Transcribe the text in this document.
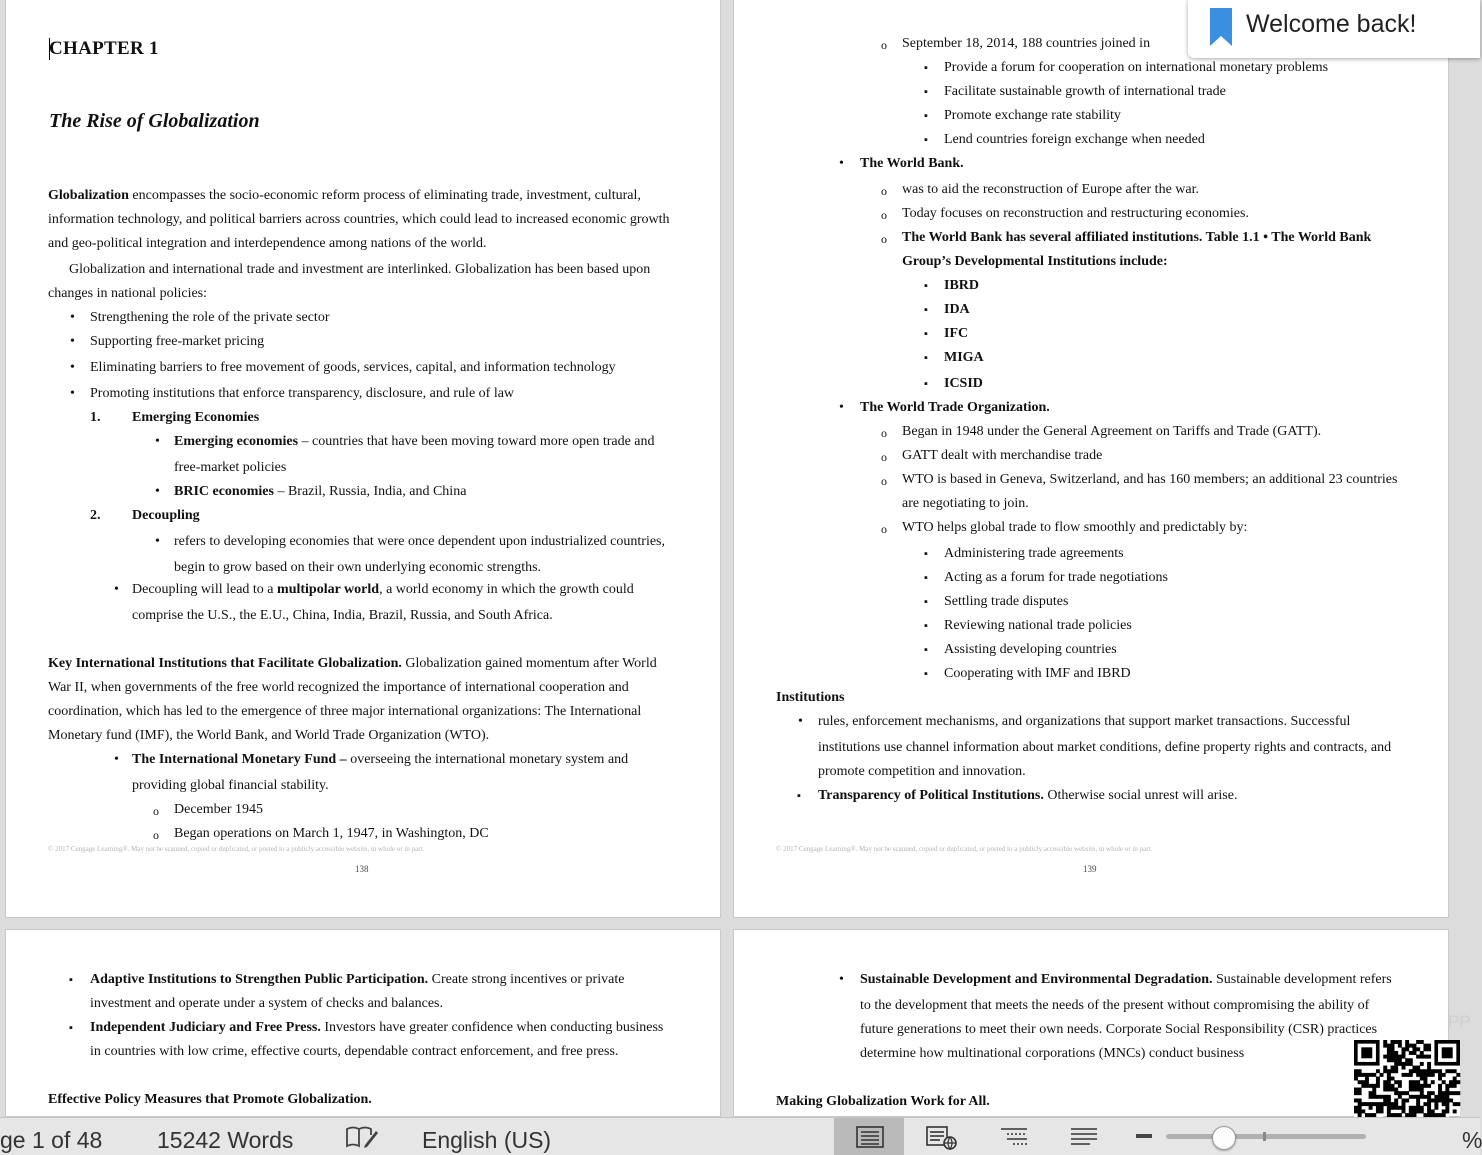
CHAPTER 1
The Rise of Globalization
Globalization encompasses the socio-economic reform process of eliminating trade, investment, cultural,
information technology, and political barriers across countries, which could lead to increased economic growth
and geo-political integration and interdependence among nations of the world.
Globalization and international trade and investment are interlinked. Globalization has been based upon
changes in national policies:
• Strengthening the role of the private sector
• Supporting free-market pricing
• Eliminating barriers to free movement of goods, services, capital, and information technology
• Promoting institutions that enforce transparency, disclosure, and rule of law
1. Emerging Economies
• Emerging economies – countries that have been moving toward more open trade and
free-market policies
• BRIC economies – Brazil, Russia, India, and China
2. Decoupling
• refers to developing economies that were once dependent upon industrialized countries,
begin to grow based on their own underlying economic strengths.
• Decoupling will lead to a multipolar world, a world economy in which the growth could
comprise the U.S., the E.U., China, India, Brazil, Russia, and South Africa.
Key International Institutions that Facilitate Globalization. Globalization gained momentum after World
War II, when governments of the free world recognized the importance of international cooperation and
coordination, which has led to the emergence of three major international organizations: The International
Monetary fund (IMF), the World Bank, and World Trade Organization (WTO).
• The International Monetary Fund – overseeing the international monetary system and
providing global financial stability.
o December 1945
o Began operations on March 1, 1947, in Washington, DC
© 2017 Cengage Learning®. May not be scanned, copied or duplicated, or posted to a publicly accessible website, in whole or in part.
138
o September 18, 2014, 188 countries joined in
▪ Provide a forum for cooperation on international monetary problems
▪ Facilitate sustainable growth of international trade
▪ Promote exchange rate stability
▪ Lend countries foreign exchange when needed
• The World Bank.
o was to aid the reconstruction of Europe after the war.
o Today focuses on reconstruction and restructuring economies.
o The World Bank has several affiliated institutions. Table 1.1 • The World Bank
Group’s Developmental Institutions include:
▪ IBRD
▪ IDA
▪ IFC
▪ MIGA
▪ ICSID
• The World Trade Organization.
o Began in 1948 under the General Agreement on Tariffs and Trade (GATT).
o GATT dealt with merchandise trade
o WTO is based in Geneva, Switzerland, and has 160 members; an additional 23 countries
are negotiating to join.
o WTO helps global trade to flow smoothly and predictably by:
▪ Administering trade agreements
▪ Acting as a forum for trade negotiations
▪ Settling trade disputes
▪ Reviewing national trade policies
▪ Assisting developing countries
▪ Cooperating with IMF and IBRD
Institutions
• rules, enforcement mechanisms, and organizations that support market transactions. Successful
institutions use channel information about market conditions, define property rights and contracts, and
promote competition and innovation.
▪ Transparency of Political Institutions. Otherwise social unrest will arise.
© 2017 Cengage Learning®. May not be scanned, copied or duplicated, or posted to a publicly accessible website, in whole or in part.
139
▪ Adaptive Institutions to Strengthen Public Participation. Create strong incentives or private
investment and operate under a system of checks and balances.
▪ Independent Judiciary and Free Press. Investors have greater confidence when conducting business
in countries with low crime, effective courts, dependable contract enforcement, and free press.
Effective Policy Measures that Promote Globalization.
• Sustainable Development and Environmental Degradation. Sustainable development refers
to the development that meets the needs of the present without compromising the ability of
future generations to meet their own needs. Corporate Social Responsibility (CSR) practices
determine how multinational corporations (MNCs) conduct business
Making Globalization Work for All.
PP
Welcome back!
ge 1 of 48 15242 Words	English (US)	%
